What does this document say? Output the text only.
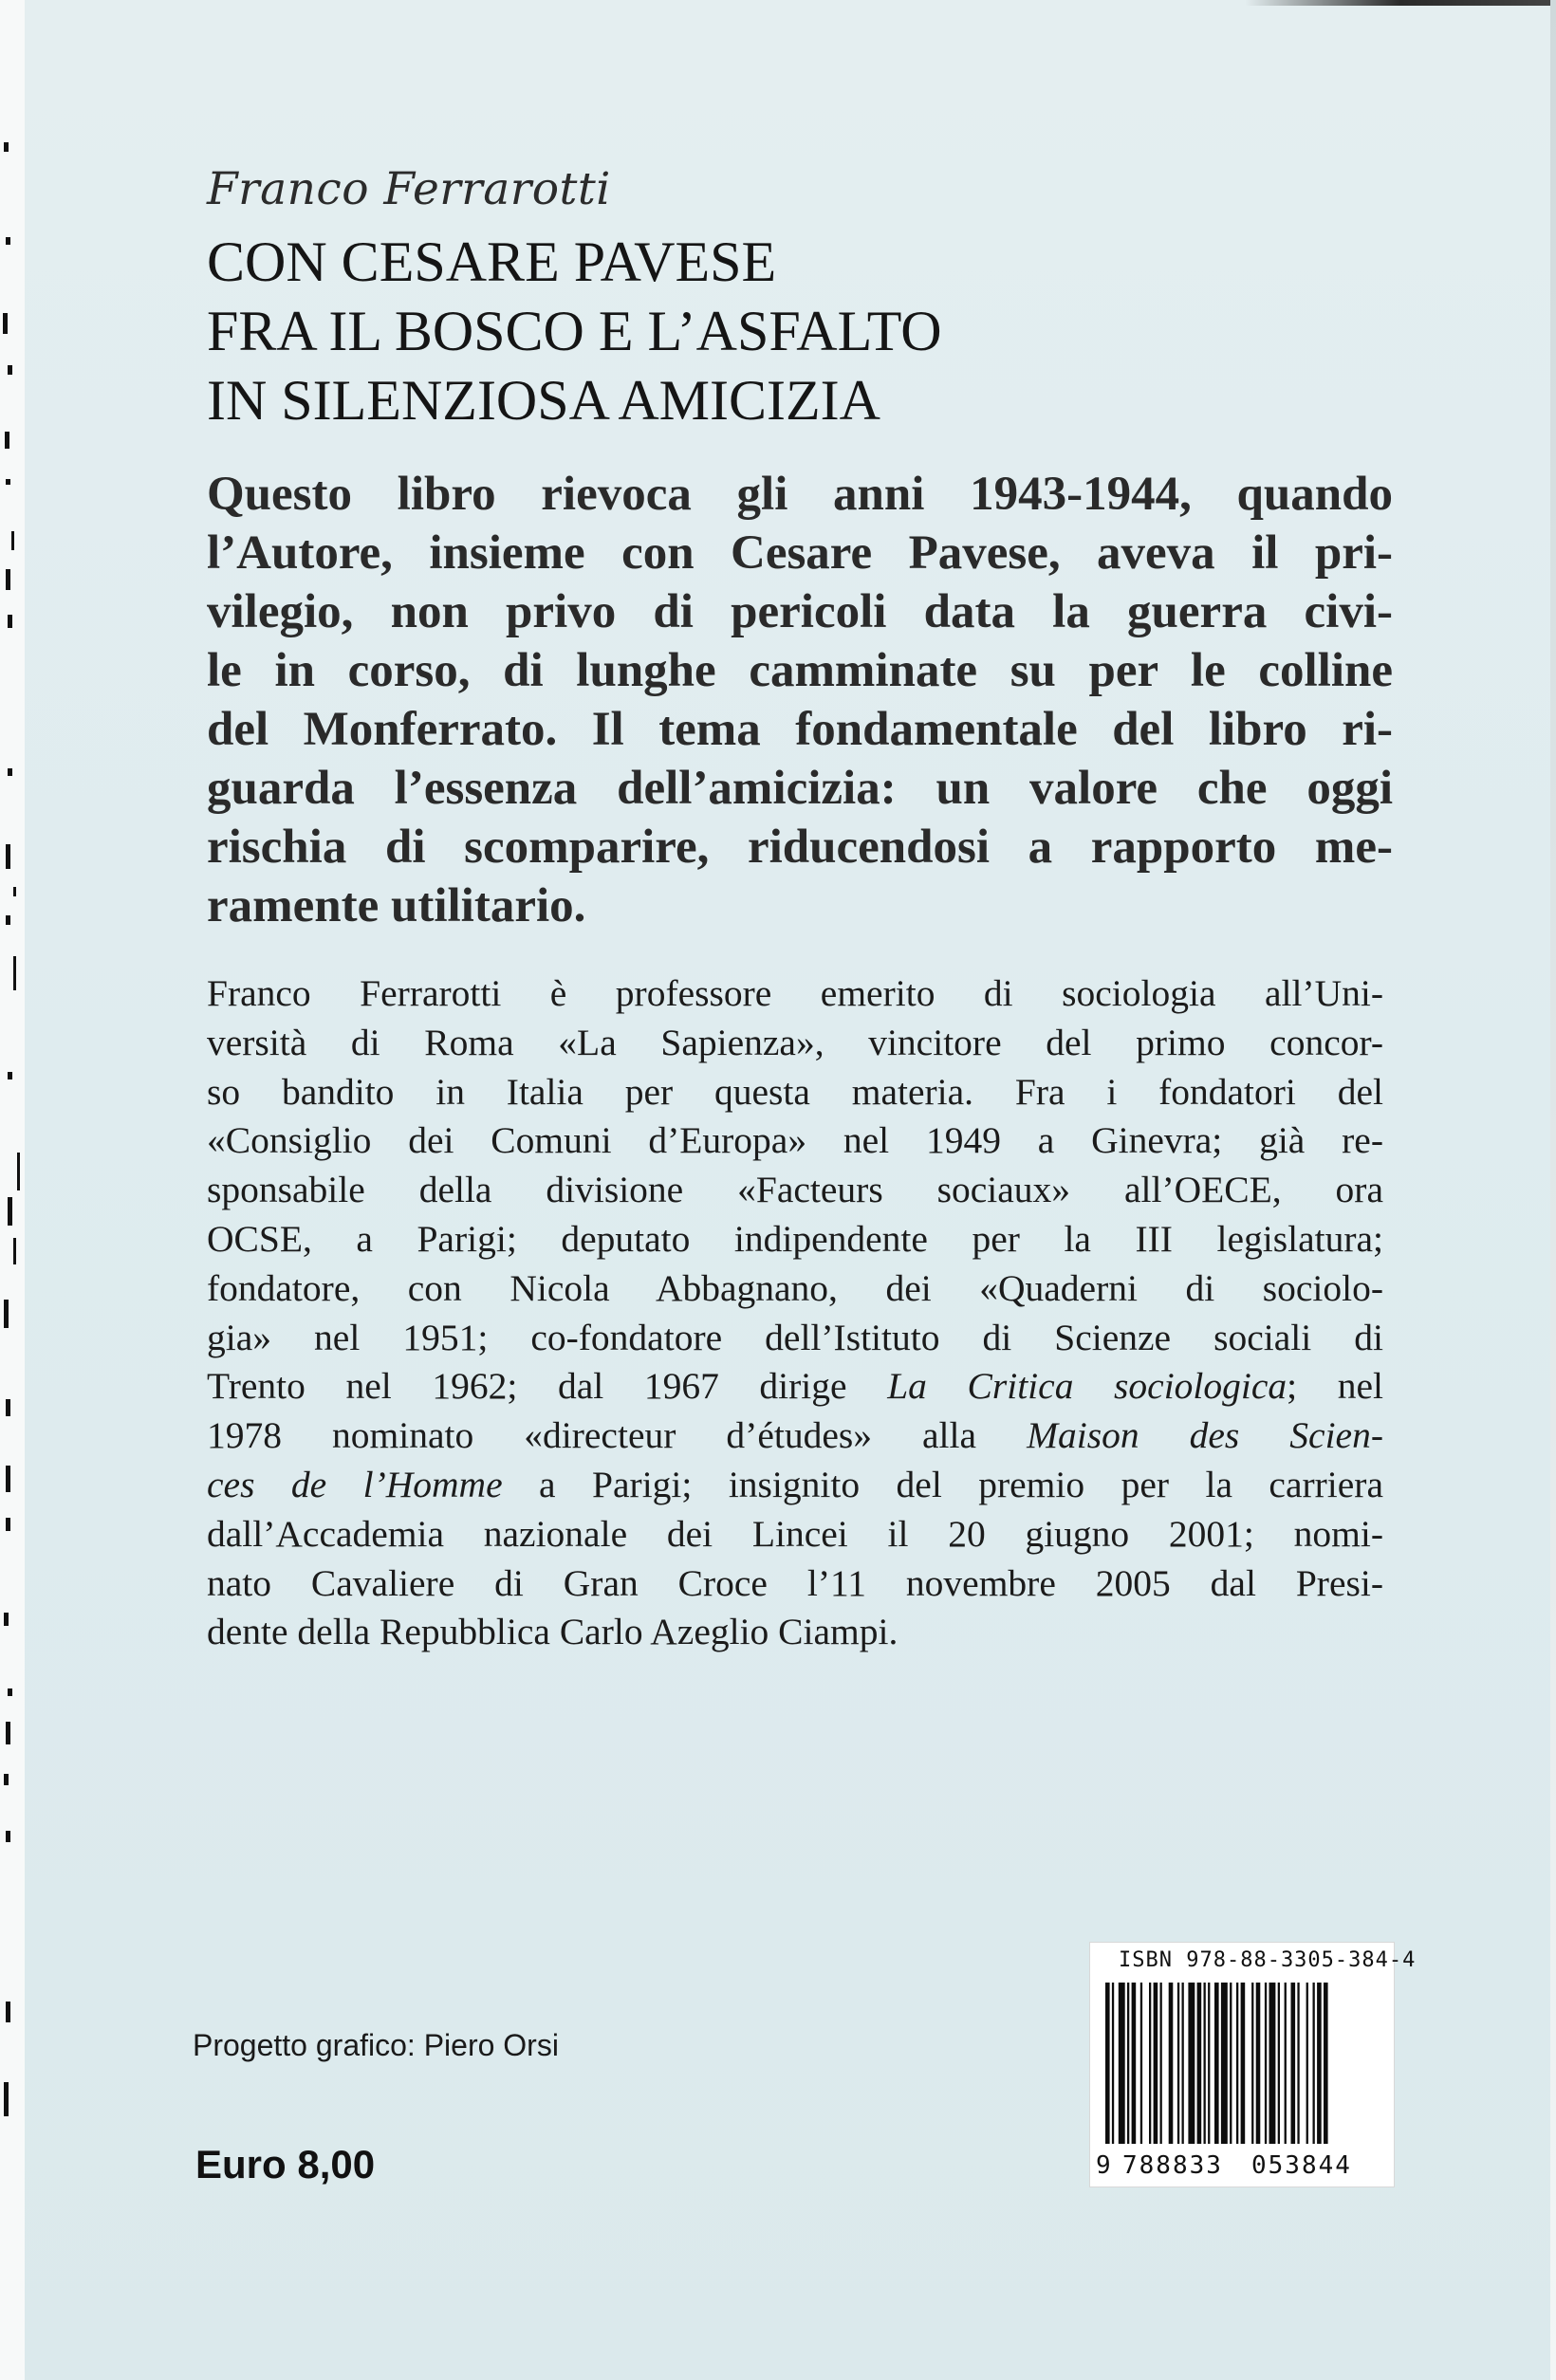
Franco Ferrarotti
CON CESARE PAVESE
FRA IL BOSCO E L’ASFALTO
IN SILENZIOSA AMICIZIA

Questo libro rievoca gli anni 1943-1944, quando
l’Autore, insieme con Cesare Pavese, aveva il pri-
vilegio, non privo di pericoli data la guerra civi-
le in corso, di lunghe camminate su per le colline
del Monferrato. Il tema fondamentale del libro ri-
guarda l’essenza dell’amicizia: un valore che oggi
rischia di scomparire, riducendosi a rapporto me-
ramente utilitario.

Franco Ferrarotti è professore emerito di sociologia all’Uni-
versità di Roma «La Sapienza», vincitore del primo concor-
so bandito in Italia per questa materia. Fra i fondatori del
«Consiglio dei Comuni d’Europa» nel 1949 a Ginevra; già re-
sponsabile della divisione «Facteurs sociaux» all’OECE, ora
OCSE, a Parigi; deputato indipendente per la III legislatura;
fondatore, con Nicola Abbagnano, dei «Quaderni di sociolo-
gia» nel 1951; co-fondatore dell’Istituto di Scienze sociali di
Trento nel 1962; dal 1967 dirige La Critica sociologica; nel
1978 nominato «directeur d’études» alla Maison des Scien-
ces de l’Homme a Parigi; insignito del premio per la carriera
dall’Accademia nazionale dei Lincei il 20 giugno 2001; nomi-
nato Cavaliere di Gran Croce l’11 novembre 2005 dal Presi-
dente della Repubblica Carlo Azeglio Ciampi.

Progetto grafico: Piero Orsi

Euro 8,00

ISBN 978-88-3305-384-4
9 788833 053844
